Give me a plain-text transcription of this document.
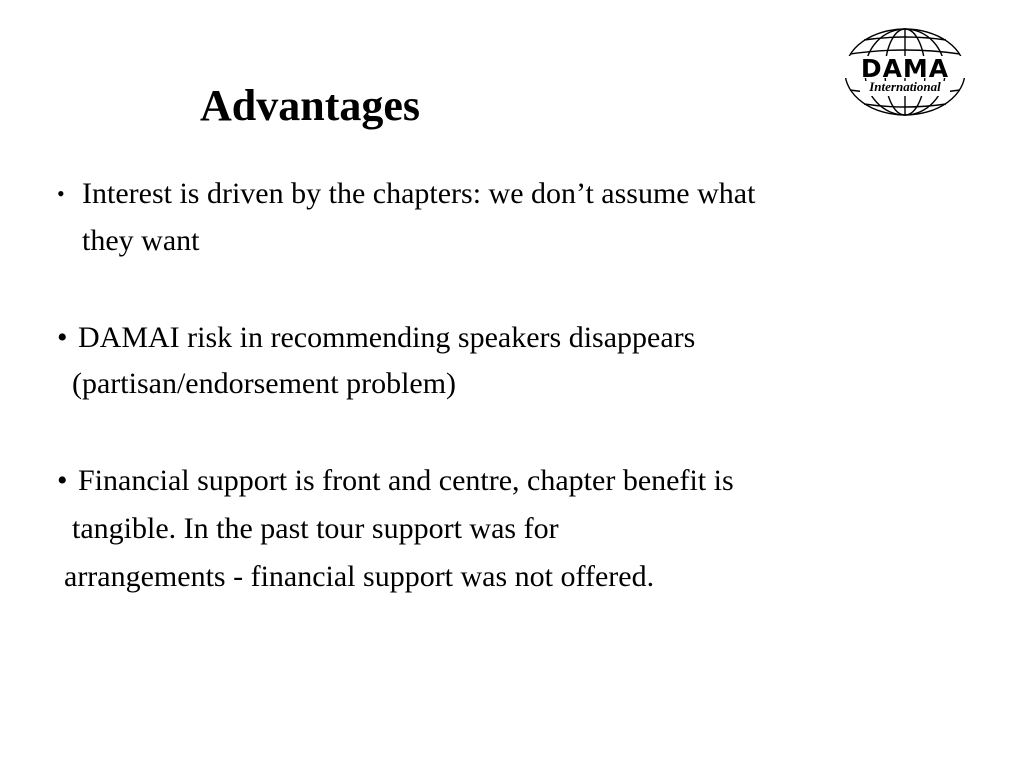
Advantages
DAMA
International
• Interest is driven by the chapters: we don’t assume what

they want

• DAMAI risk in recommending speakers disappears

(partisan/endorsement problem)

• Financial support is front and centre, chapter benefit is

tangible. In the past tour support was for

arrangements - financial support was not offered.
